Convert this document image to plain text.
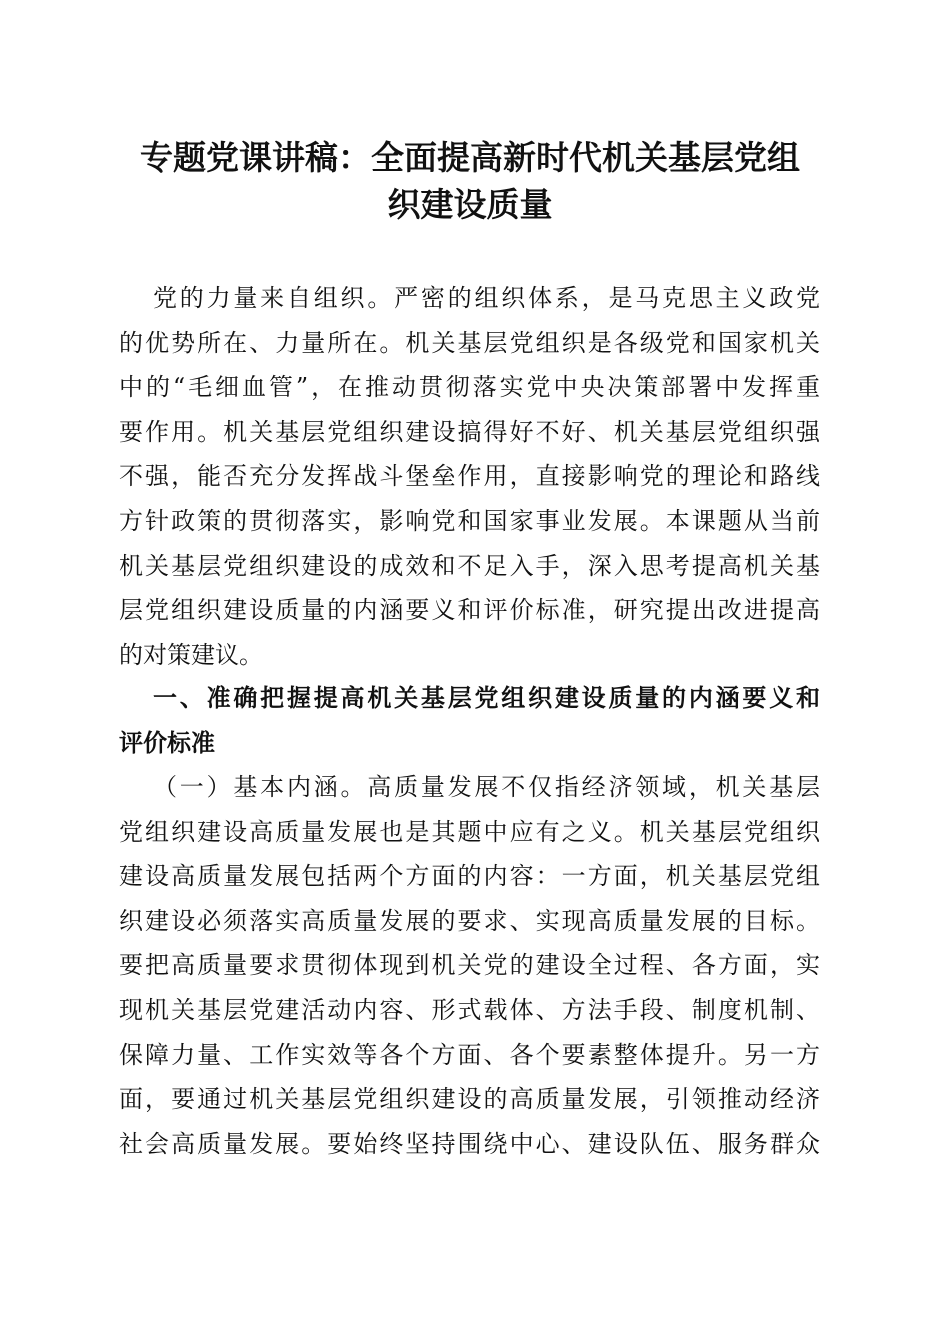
专题党课讲稿：全面提高新时代机关基层党组
织建设质量
党的力量来自组织。严密的组织体系，是马克思主义政党
的优势所在、力量所在。机关基层党组织是各级党和国家机关
中的“毛细血管”，在推动贯彻落实党中央决策部署中发挥重
要作用。机关基层党组织建设搞得好不好、机关基层党组织强
不强，能否充分发挥战斗堡垒作用，直接影响党的理论和路线
方针政策的贯彻落实，影响党和国家事业发展。本课题从当前
机关基层党组织建设的成效和不足入手，深入思考提高机关基
层党组织建设质量的内涵要义和评价标准，研究提出改进提高
的对策建议。
一、准确把握提高机关基层党组织建设质量的内涵要义和
评价标准
（一）基本内涵。高质量发展不仅指经济领域，机关基层
党组织建设高质量发展也是其题中应有之义。机关基层党组织
建设高质量发展包括两个方面的内容：一方面，机关基层党组
织建设必须落实高质量发展的要求、实现高质量发展的目标。
要把高质量要求贯彻体现到机关党的建设全过程、各方面，实
现机关基层党建活动内容、形式载体、方法手段、制度机制、
保障力量、工作实效等各个方面、各个要素整体提升。另一方
面，要通过机关基层党组织建设的高质量发展，引领推动经济
社会高质量发展。要始终坚持围绕中心、建设队伍、服务群众
